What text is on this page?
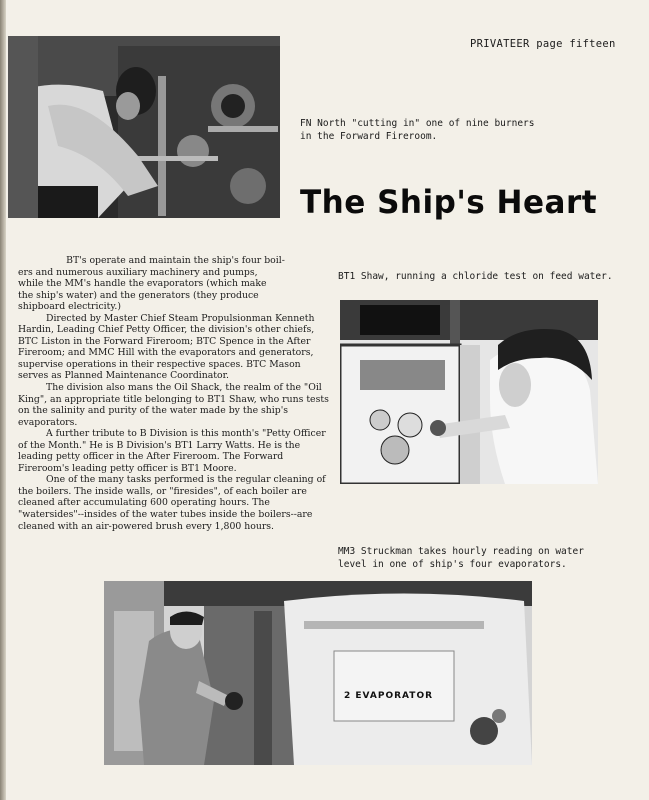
PRIVATEER page fifteen
FN North "cutting in" one of nine burners
in the Forward Fireroom.
The Ship's Heart

BT's operate and maintain the ship's four boil-

ers and numerous auxiliary machinery and pumps,

while the MM's handle the evaporators (which make

the ship's water) and the generators (they produce

shipboard electricity.)

Directed by Master Chief Steam Propulsionman Kenneth Hardin, Leading Chief Petty Officer, the division's other chiefs, BTC Liston in the Forward Fireroom; BTC Spence in the After Fireroom; and MMC Hill with the evaporators and generators, supervise operations in their respective spaces. BTC Mason serves as Planned Maintenance Coordinator.

The division also mans the Oil Shack, the realm of the "Oil King", an appropriate title belonging to BT1 Shaw, who runs tests on the salinity and purity of the water made by the ship's evaporators.

A further tribute to B Division is this month's "Petty Officer of the Month." He is B Division's BT1 Larry Watts. He is the leading petty officer in the After Fireroom. The Forward Fireroom's leading petty officer is BT1 Moore.

One of the many tasks performed is the regular cleaning of the boilers. The inside walls, or "firesides", of each boiler are cleaned after accumulating 600 operating hours. The "watersides"--insides of the water tubes inside the boilers--are cleaned with an air-powered brush every 1,800 hours.

BT1 Shaw, running a chloride test on feed water.
MM3 Struckman takes hourly reading on water
level in one of ship's four evaporators.
2 EVAPORATOR
